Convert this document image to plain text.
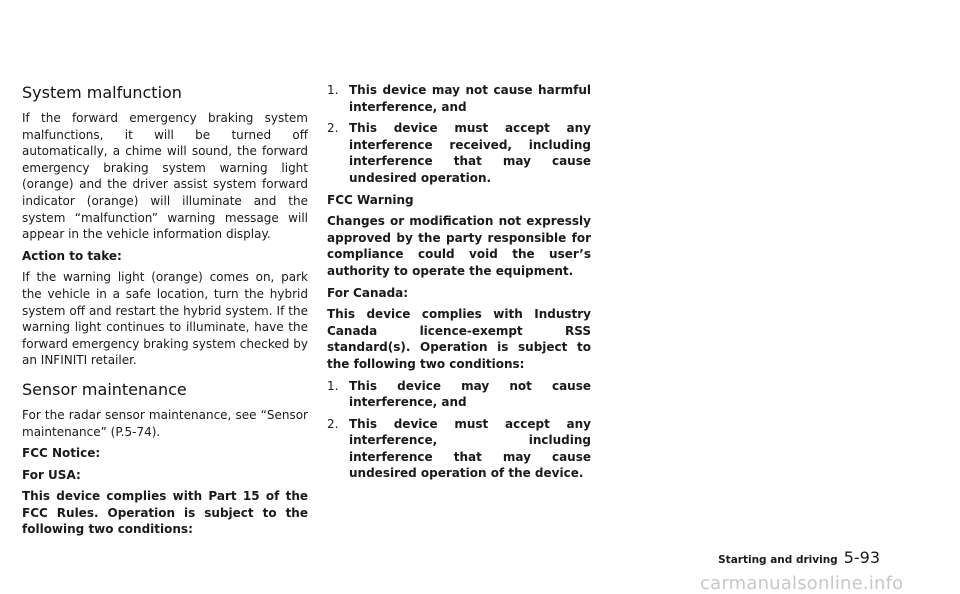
System malfunction

If the forward emergency braking system malfunctions, it will be turned off automatically, a chime will sound, the forward emergency braking system warning light (orange) and the driver assist system forward indicator (orange) will illuminate and the system “malfunction” warning message will appear in the vehicle information display.

Action to take:

If the warning light (orange) comes on, park the vehicle in a safe location, turn the hybrid system off and restart the hybrid system. If the warning light continues to illuminate, have the forward emergency braking system checked by an INFINITI retailer.

Sensor maintenance

For the radar sensor maintenance, see “Sensor maintenance” (P.5-74).

FCC Notice:

For USA:

This device complies with Part 15 of the FCC Rules. Operation is subject to the following two conditions:

1. This device may not cause harmful interference, and
2. This device must accept any interference received, including interference that may cause undesired operation.

FCC Warning

Changes or modification not expressly approved by the party responsible for compliance could void the user’s authority to operate the equipment.

For Canada:

This device complies with Industry Canada licence-exempt RSS standard(s). Operation is subject to the following two conditions:

1. This device may not cause interference, and
2. This device must accept any interference, including interference that may cause undesired operation of the device.
Starting and driving 5-93
carmanualsonline.info
